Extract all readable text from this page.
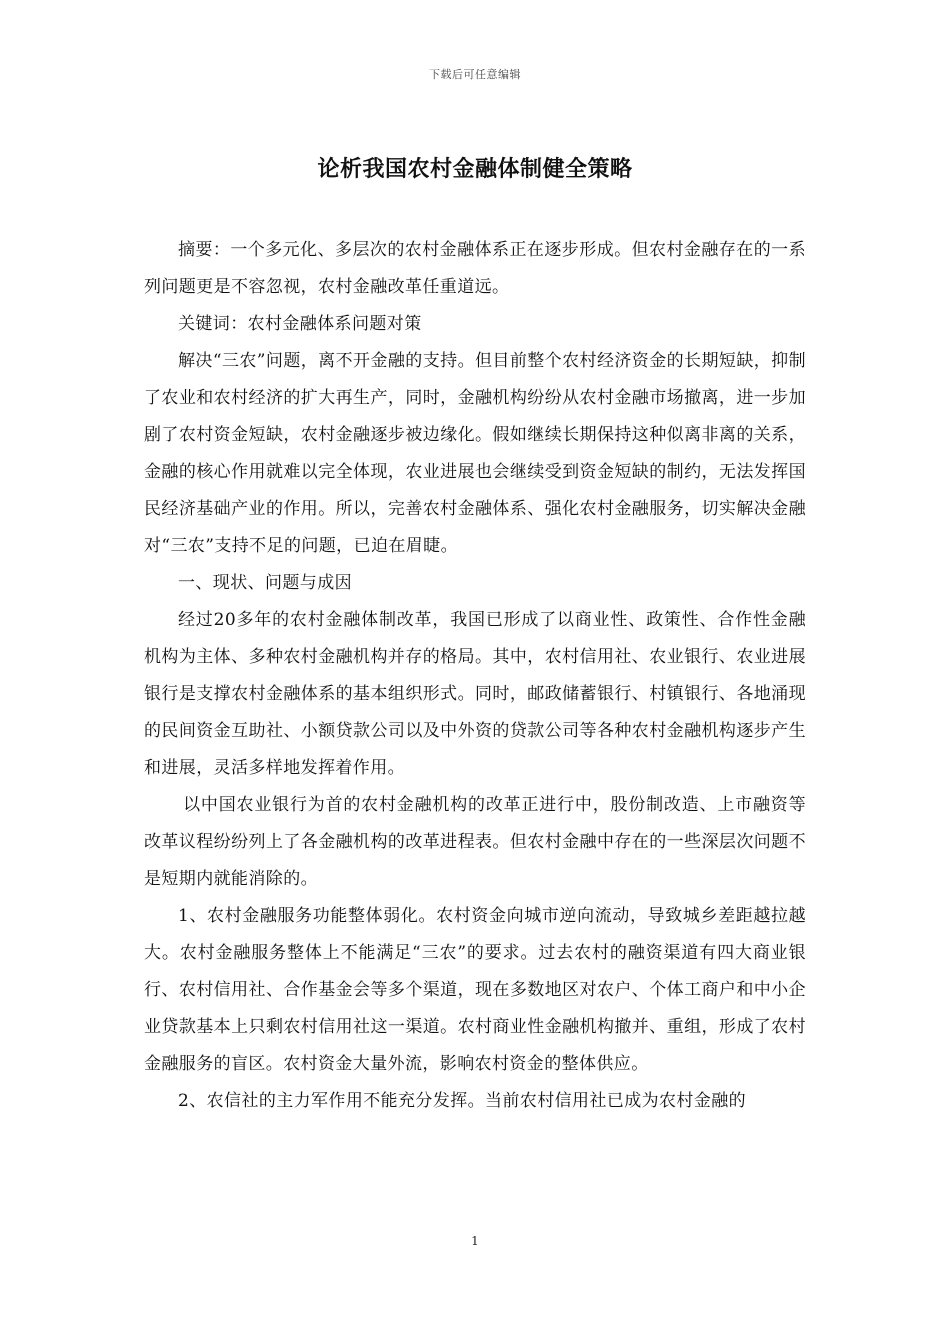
下载后可任意编辑
论析我国农村金融体制健全策略

摘要：一个多元化、多层次的农村金融体系正在逐步形成。但农村金融存在的一系列问题更是不容忽视，农村金融改革任重道远。

关键词：农村金融体系问题对策

解决“三农”问题，离不开金融的支持。但目前整个农村经济资金的长期短缺，抑制了农业和农村经济的扩大再生产，同时，金融机构纷纷从农村金融市场撤离，进一步加剧了农村资金短缺，农村金融逐步被边缘化。假如继续长期保持这种似离非离的关系，金融的核心作用就难以完全体现，农业进展也会继续受到资金短缺的制约，无法发挥国民经济基础产业的作用。所以，完善农村金融体系、强化农村金融服务，切实解决金融对“三农”支持不足的问题，已迫在眉睫。

一、现状、问题与成因

经过20多年的农村金融体制改革，我国已形成了以商业性、政策性、合作性金融机构为主体、多种农村金融机构并存的格局。其中，农村信用社、农业银行、农业进展银行是支撑农村金融体系的基本组织形式。同时，邮政储蓄银行、村镇银行、各地涌现的民间资金互助社、小额贷款公司以及中外资的贷款公司等各种农村金融机构逐步产生和进展，灵活多样地发挥着作用。

以中国农业银行为首的农村金融机构的改革正进行中，股份制改造、上市融资等改革议程纷纷列上了各金融机构的改革进程表。但农村金融中存在的一些深层次问题不是短期内就能消除的。

1、农村金融服务功能整体弱化。农村资金向城市逆向流动，导致城乡差距越拉越大。农村金融服务整体上不能满足“三农”的要求。过去农村的融资渠道有四大商业银行、农村信用社、合作基金会等多个渠道，现在多数地区对农户、个体工商户和中小企业贷款基本上只剩农村信用社这一渠道。农村商业性金融机构撤并、重组，形成了农村金融服务的盲区。农村资金大量外流，影响农村资金的整体供应。

2、农信社的主力军作用不能充分发挥。当前农村信用社已成为农村金融的

1
